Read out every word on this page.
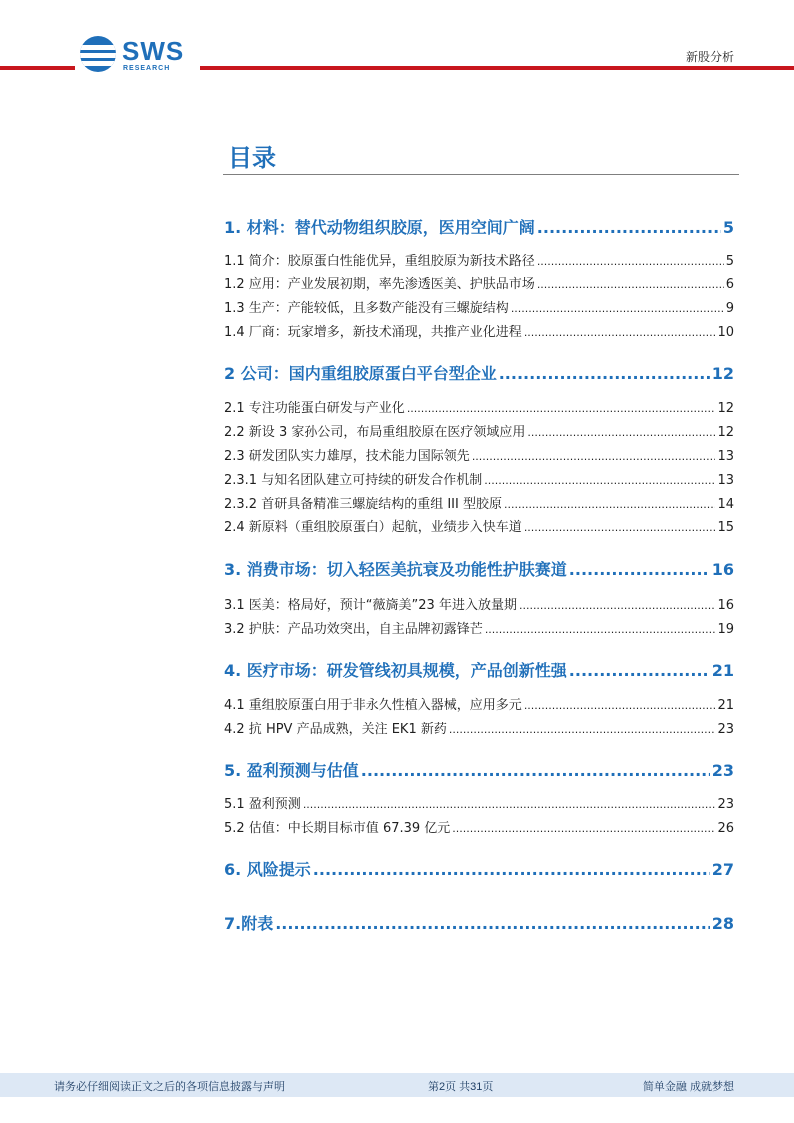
SWS
RESEARCH
新股分析
目录
1. 材料：替代动物组织胶原，医用空间广阔 .....	5
1.1 简介：胶原蛋白性能优异，重组胶原为新技术路径 .....	5
1.2 应用：产业发展初期，率先渗透医美、护肤品市场 .....	6
1.3 生产：产能较低，且多数产能没有三螺旋结构 .....	9
1.4 厂商：玩家增多，新技术涌现，共推产业化进程 .....	10
2 公司：国内重组胶原蛋白平台型企业 .....	12
2.1 专注功能蛋白研发与产业化 .....	12
2.2 新设 3 家孙公司，布局重组胶原在医疗领域应用 .....	12
2.3 研发团队实力雄厚，技术能力国际领先 .....	13
2.3.1 与知名团队建立可持续的研发合作机制 .....	13
2.3.2 首研具备精准三螺旋结构的重组 III 型胶原 .....	14
2.4 新原料（重组胶原蛋白）起航，业绩步入快车道 .....	15
3. 消费市场：切入轻医美抗衰及功能性护肤赛道 .....	16
3.1 医美：格局好，预计“薇旖美”23 年进入放量期 .....	16
3.2 护肤：产品功效突出，自主品牌初露锋芒 .....	19
4. 医疗市场：研发管线初具规模，产品创新性强 .....	21
4.1 重组胶原蛋白用于非永久性植入器械，应用多元 .....	21
4.2 抗 HPV 产品成熟，关注 EK1 新药 .....	23
5. 盈利预测与估值 .....	23
5.1 盈利预测 .....	23
5.2 估值：中长期目标市值 67.39 亿元 .....	26
6. 风险提示 .....	27
7.附表 .....	28
请务必仔细阅读正文之后的各项信息披露与声明	第2页 共31页	简单金融 成就梦想
